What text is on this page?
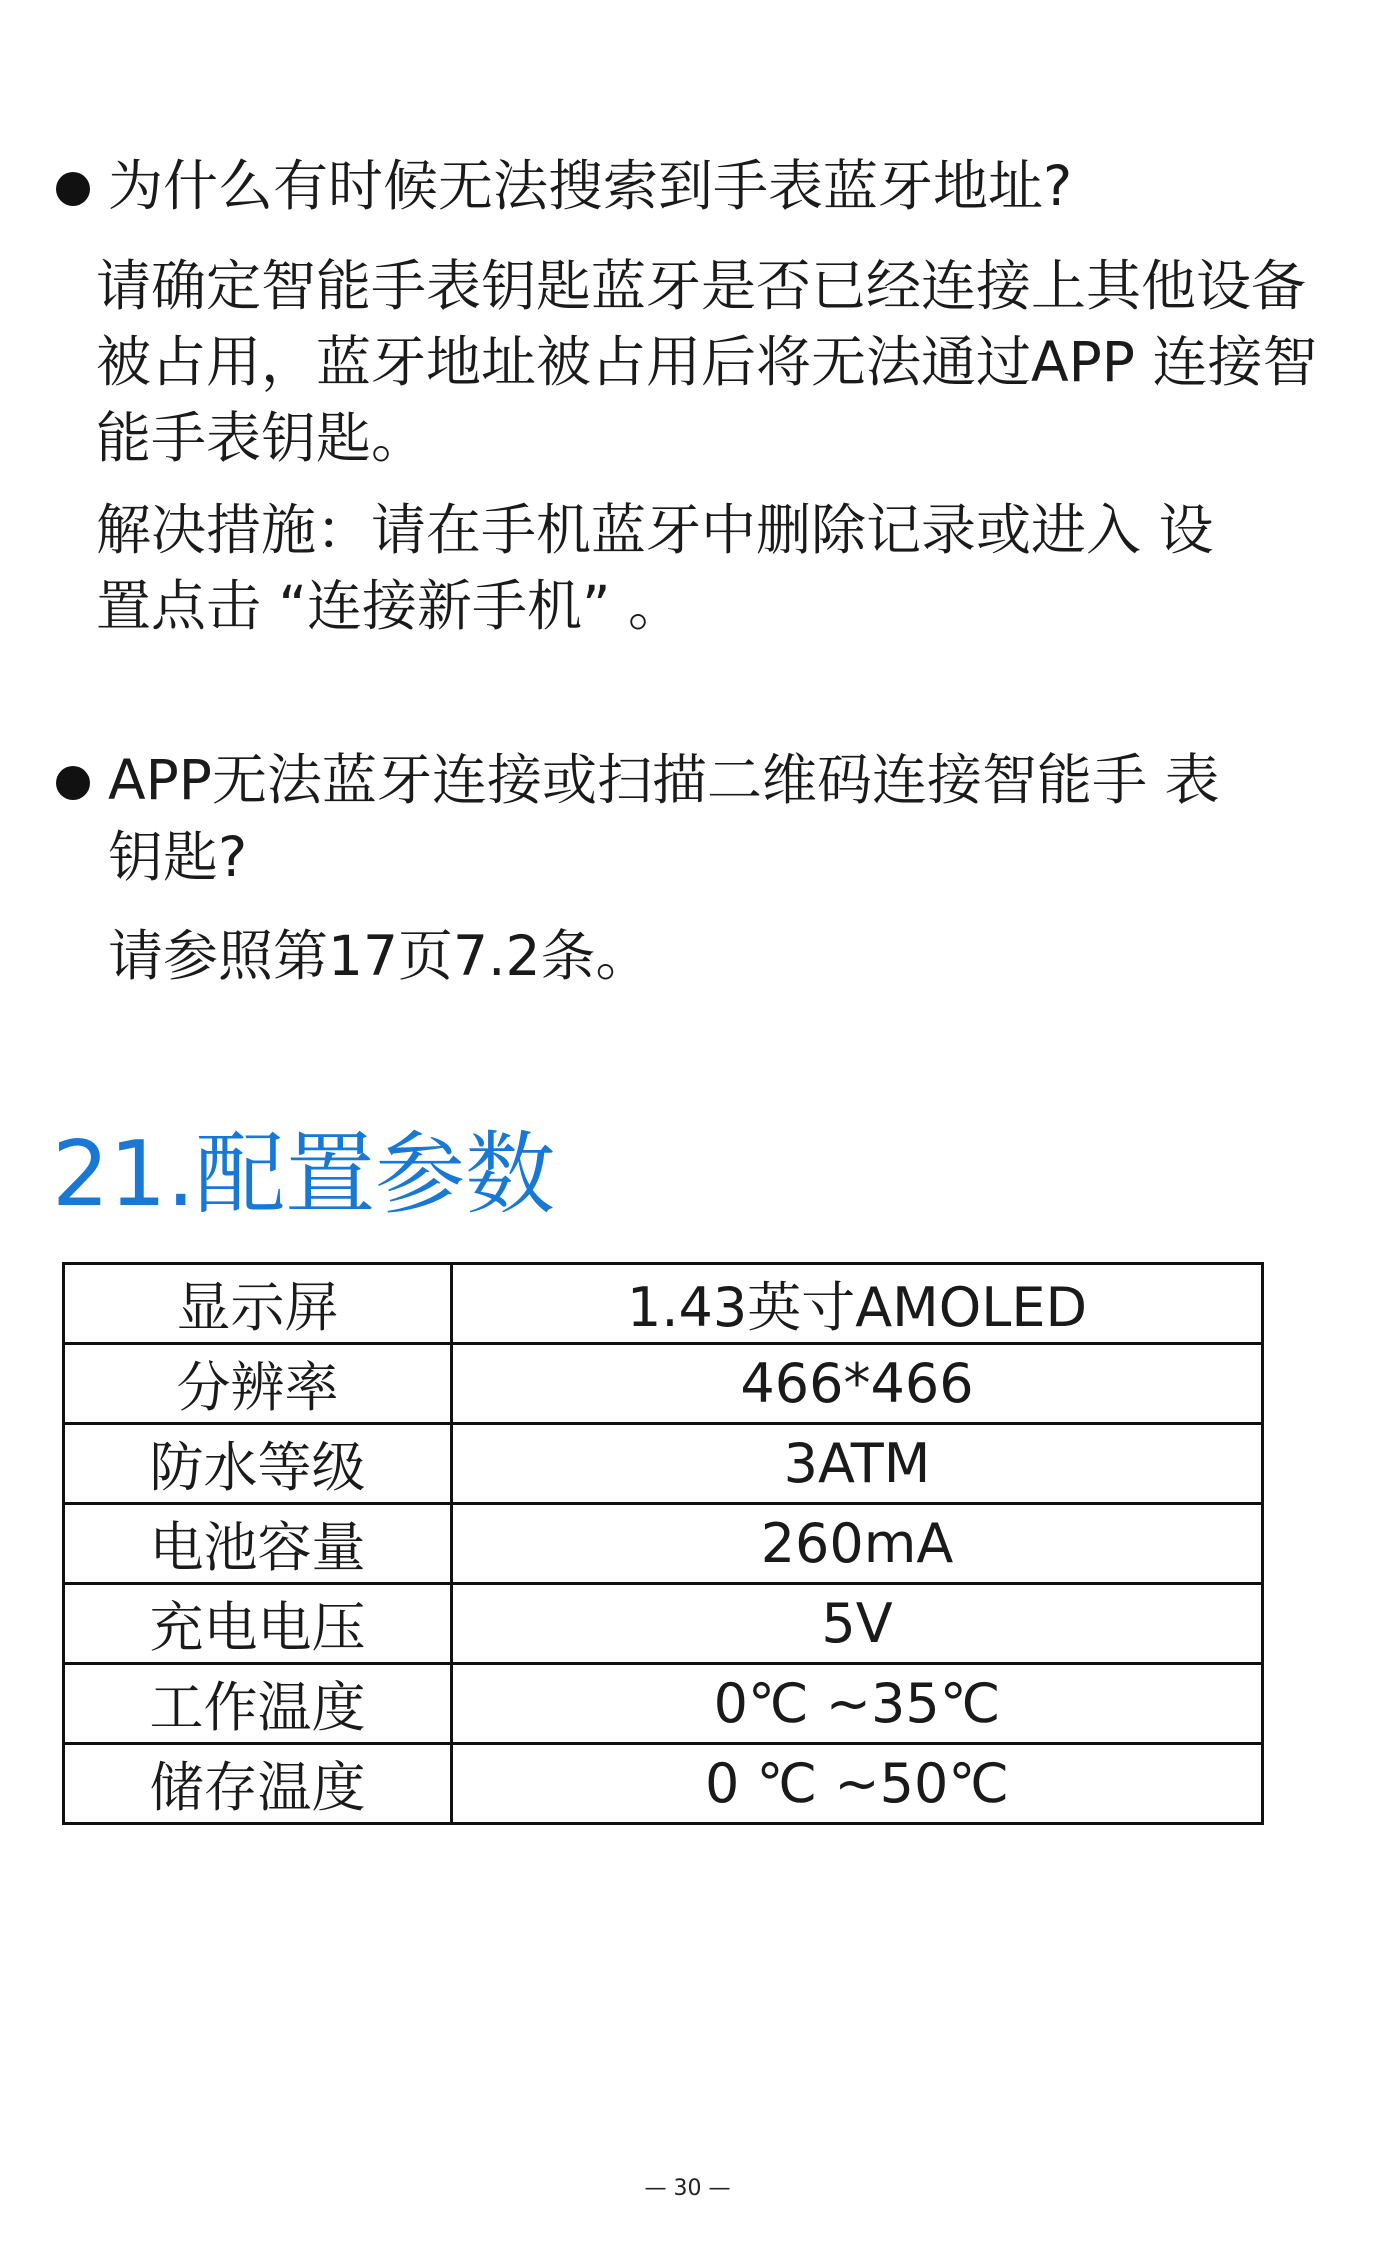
为什么有时候无法搜索到手表蓝牙地址?
请确定智能手表钥匙蓝牙是否已经连接上其他设备
被占用，蓝牙地址被占用后将无法通过APP 连接智
能手表钥匙。
解决措施：请在手机蓝牙中删除记录或进入 设
置点击 “连接新手机” 。
APP无法蓝牙连接或扫描二维码连接智能手 表
钥匙?
请参照第17页7.2条。
21.配置参数
显示屏	1.43英寸AMOLED
分辨率	466*466
防水等级	3ATM
电池容量	260mA
充电电压	5V
工作温度	0℃ ~35℃
储存温度	0 ℃ ~50℃
— 30 —
